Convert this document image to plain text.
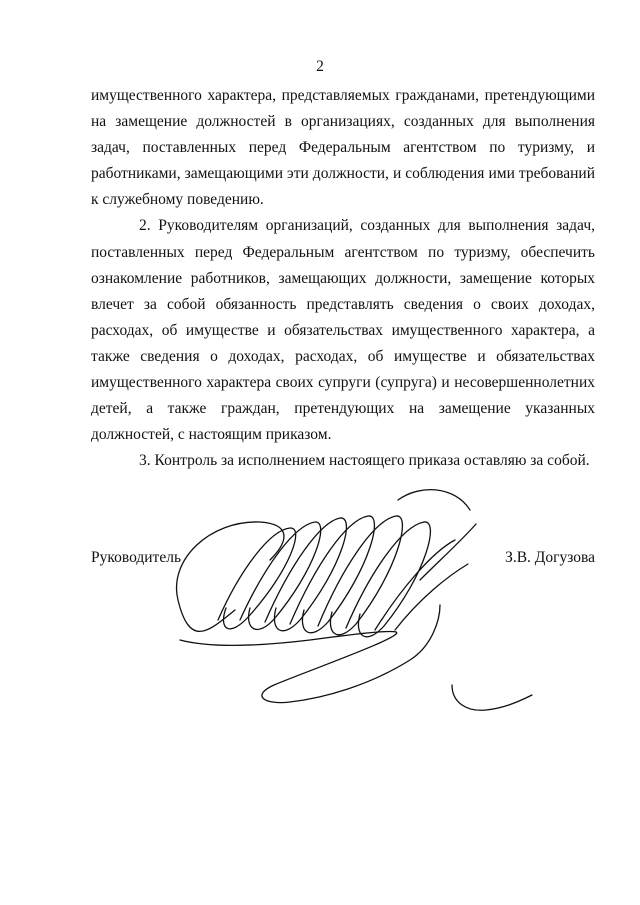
2

имущественного характера, представляемых гражданами, претендующими на замещение должностей в организациях, созданных для выполнения задач, поставленных перед Федеральным агентством по туризму, и работниками, замещающими эти должности, и соблюдения ими требований к служебному поведению.

2. Руководителям организаций, созданных для выполнения задач, поставленных перед Федеральным агентством по туризму, обеспечить ознакомление работников, замещающих должности, замещение которых влечет за собой обязанность представлять сведения о своих доходах, расходах, об имуществе и обязательствах имущественного характера, а также сведения о доходах, расходах, об имуществе и обязательствах имущественного характера своих супруги (супруга) и несовершеннолетних детей, а также граждан, претендующих на замещение указанных должностей, с настоящим приказом.

3. Контроль за исполнением настоящего приказа оставляю за собой.

Руководитель	З.В. Догузова
